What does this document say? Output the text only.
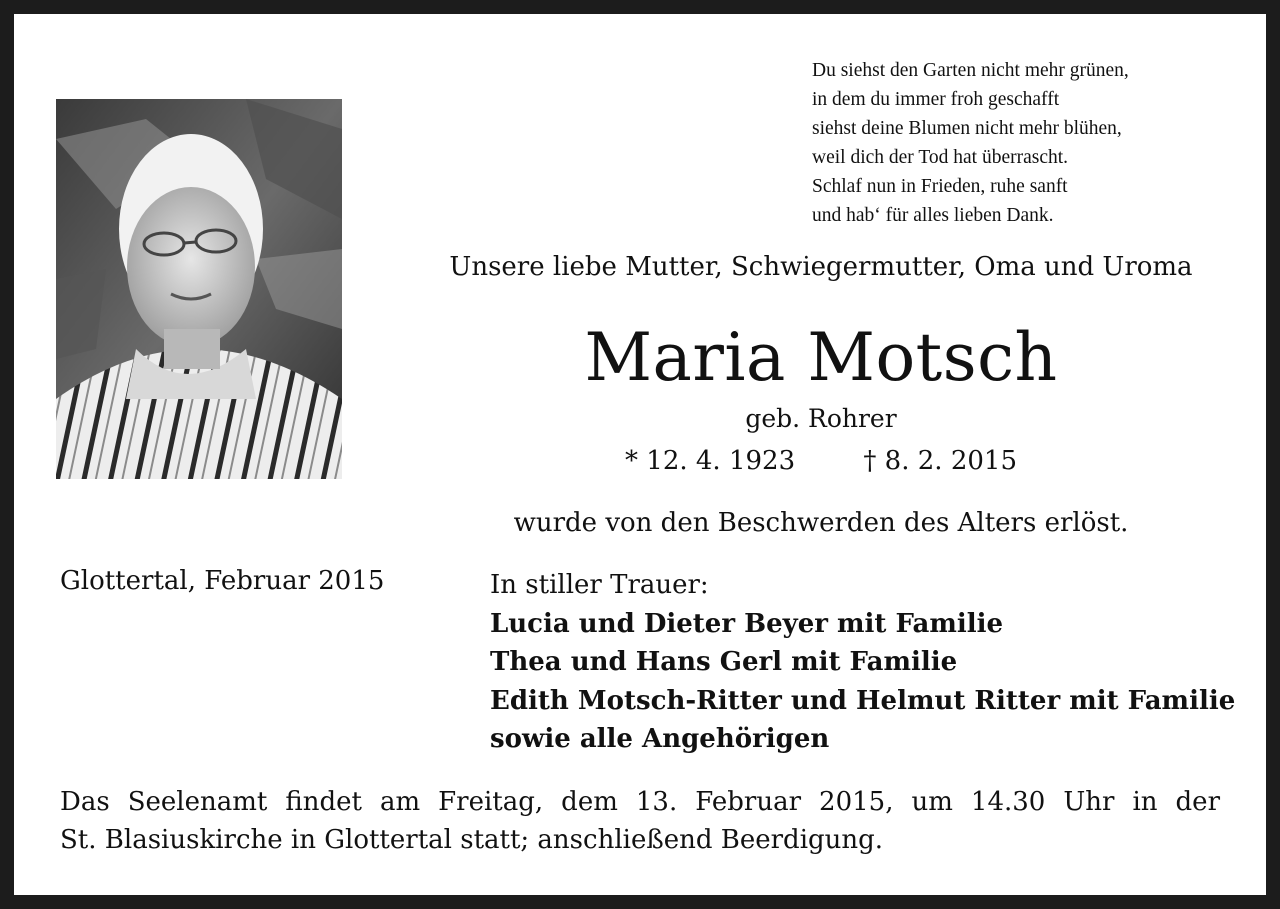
Du siehst den Garten nicht mehr grünen,
in dem du immer froh geschafft
siehst deine Blumen nicht mehr blühen,
weil dich der Tod hat überrascht.
Schlaf nun in Frieden, ruhe sanft
und hab‘ für alles lieben Dank.
Unsere liebe Mutter, Schwiegermutter, Oma und Uroma
Maria Motsch
geb. Rohrer
* 12. 4. 1923	† 8. 2. 2015
wurde von den Beschwerden des Alters erlöst.
Glottertal, Februar 2015	In stiller Trauer:
Lucia und Dieter Beyer mit Familie
Thea und Hans Gerl mit Familie
Edith Motsch-Ritter und Helmut Ritter mit Familie
sowie alle Angehörigen
Das Seelenamt findet am Freitag, dem 13. Februar 2015, um 14.30 Uhr in der
St. Blasiuskirche in Glottertal statt; anschließend Beerdigung.
